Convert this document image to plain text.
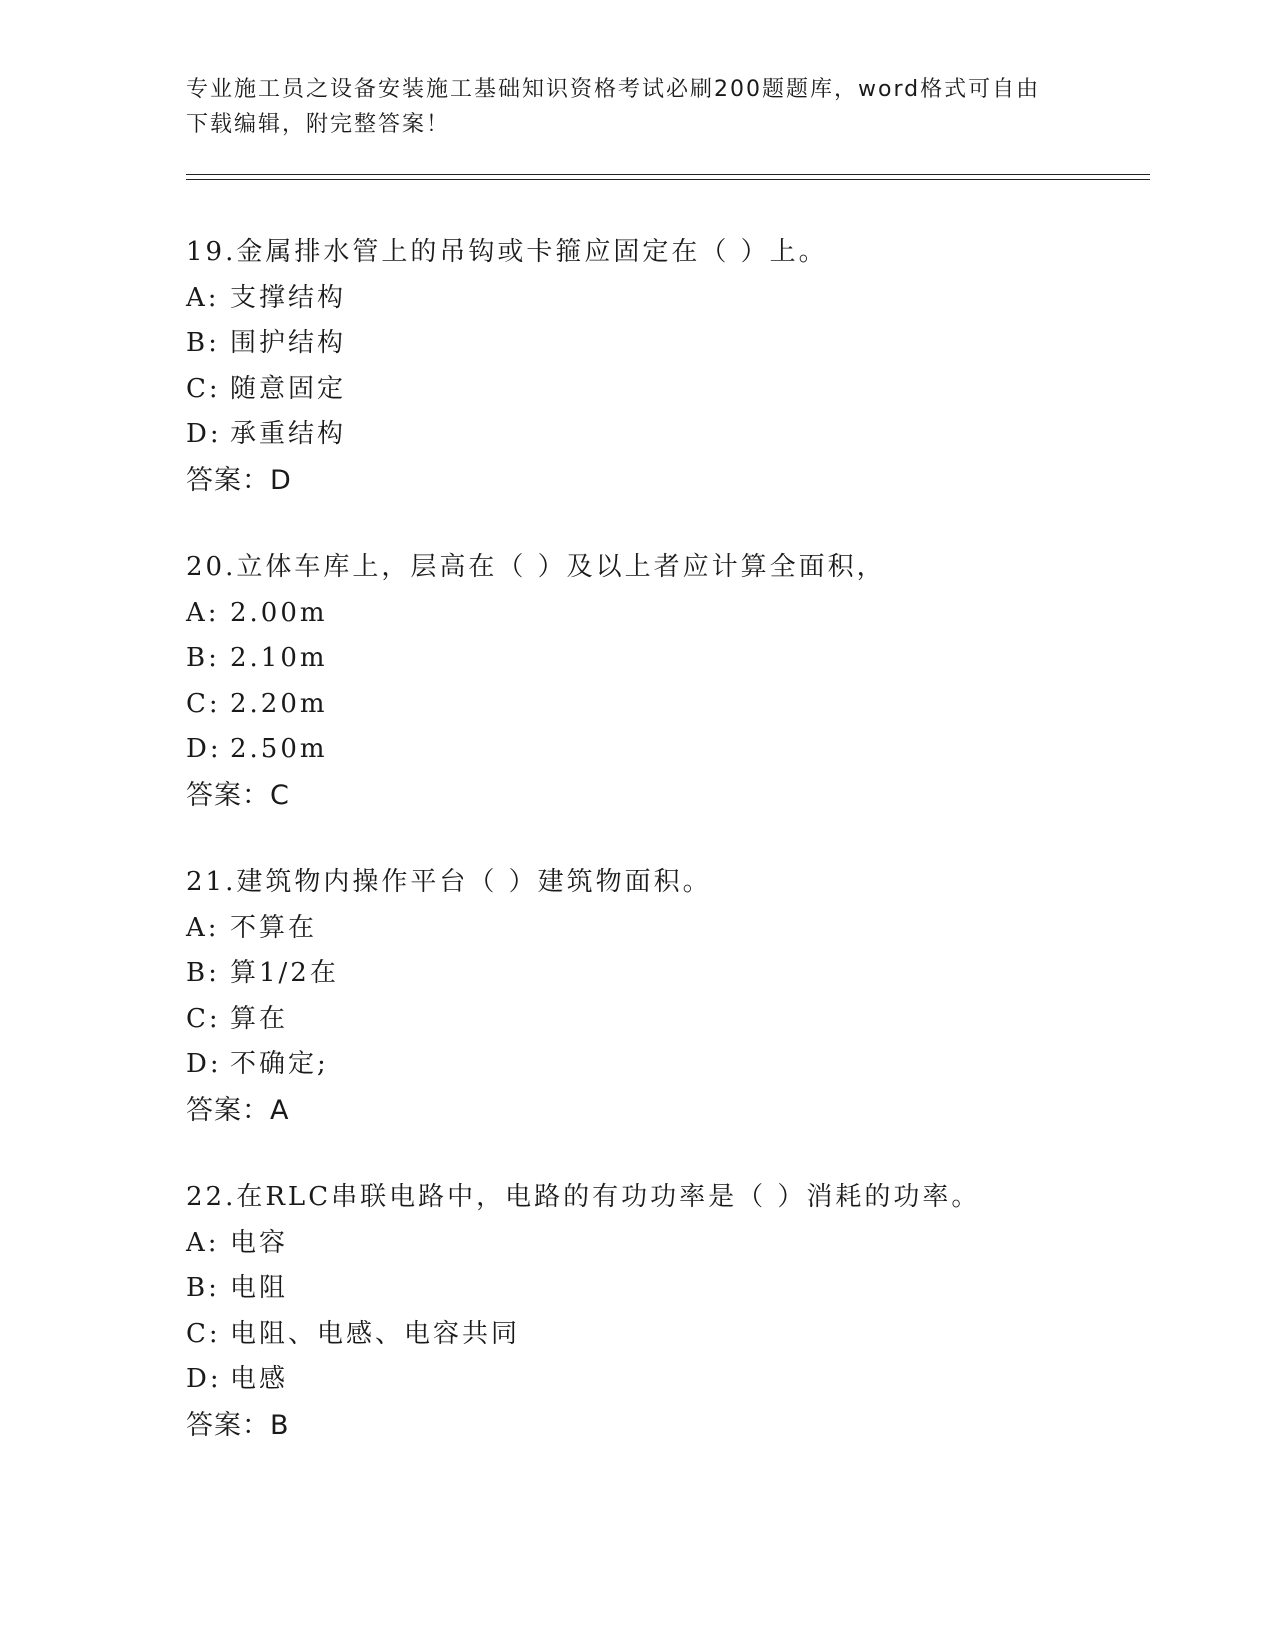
专业施工员之设备安装施工基础知识资格考试必刷200题题库，word格式可自由
下载编辑，附完整答案！
19.金属排水管上的吊钩或卡箍应固定在（ ）上。
A: 支撑结构
B: 围护结构
C: 随意固定
D: 承重结构
答案：D
20.立体车库上，层高在（ ）及以上者应计算全面积，
A: 2.00m
B: 2.10m
C: 2.20m
D: 2.50m
答案：C
21.建筑物内操作平台（ ）建筑物面积。
A: 不算在
B: 算1/2在
C: 算在
D: 不确定;
答案：A
22.在RLC串联电路中，电路的有功功率是（ ）消耗的功率。
A: 电容
B: 电阻
C: 电阻、电感、电容共同
D: 电感
答案：B
